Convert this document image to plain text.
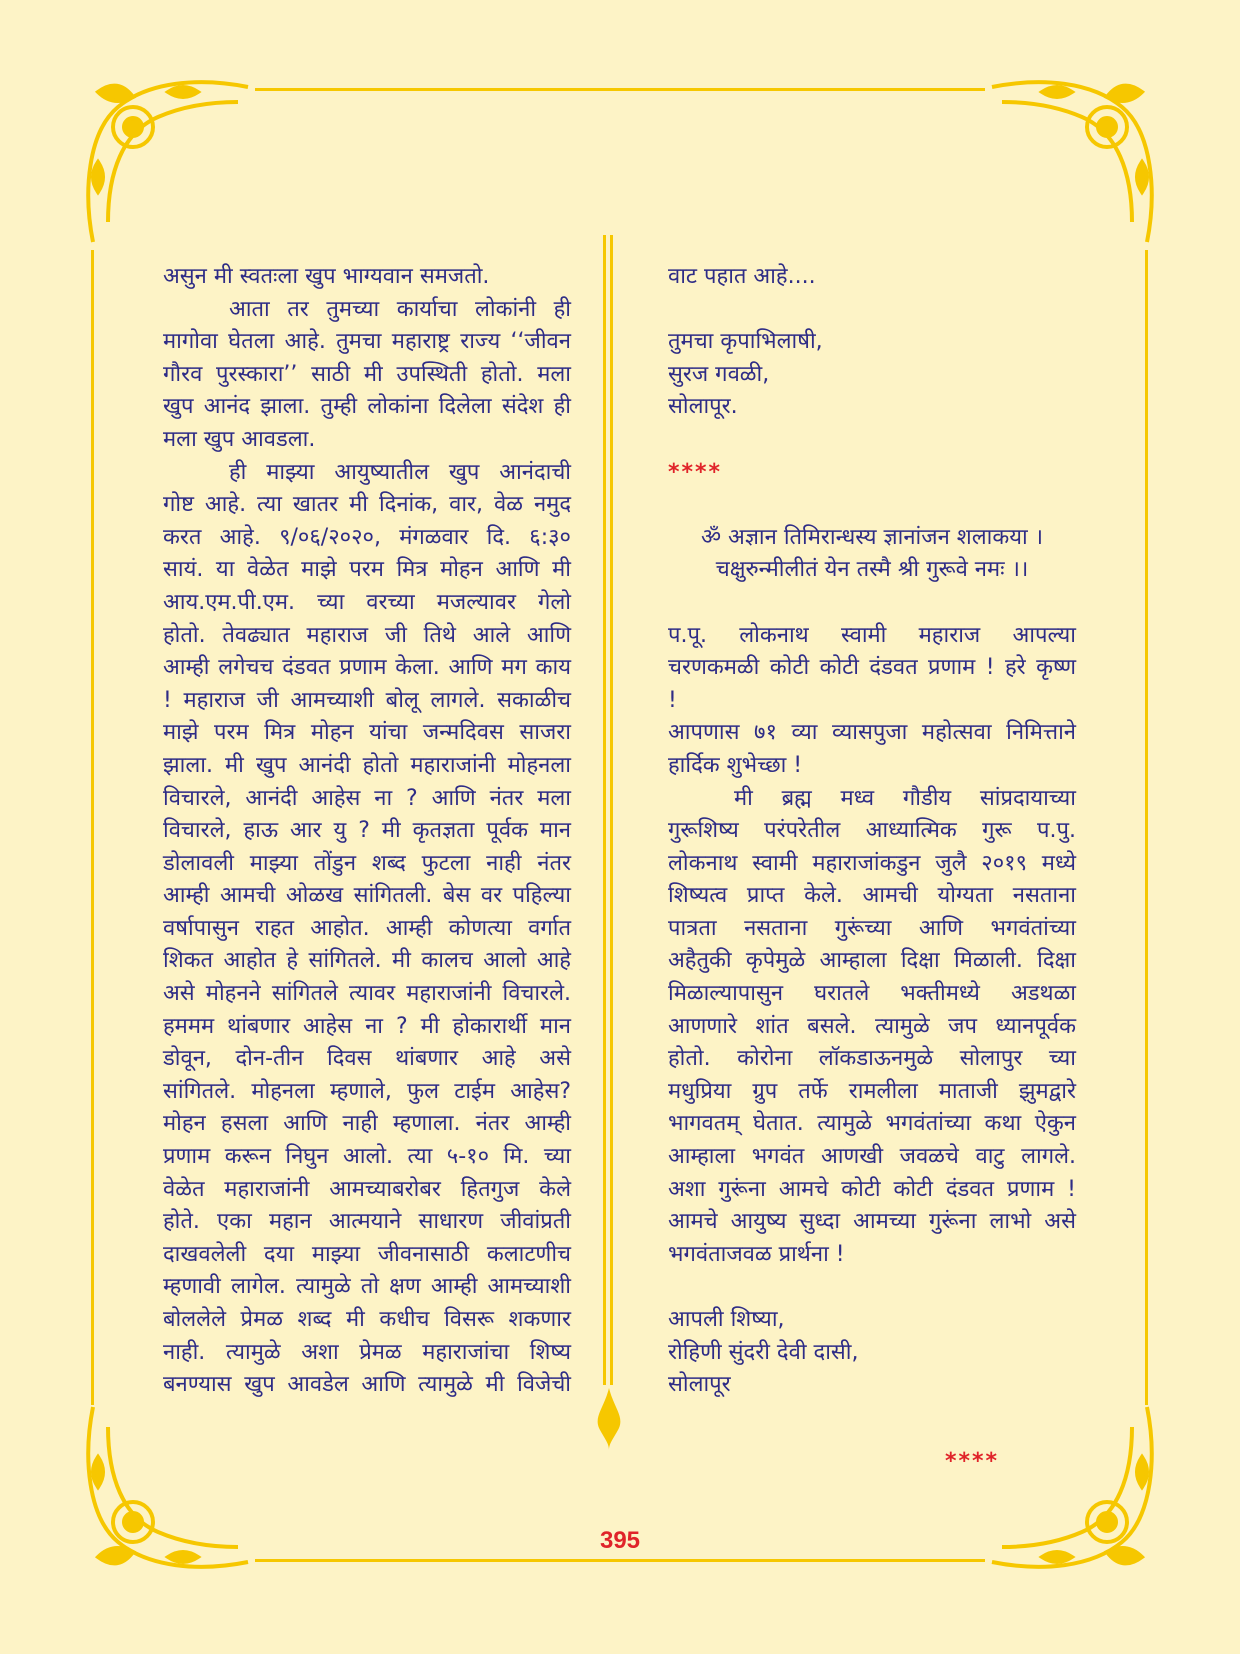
असुन मी स्वतःला खुप भाग्यवान समजतो.
आता तर तुमच्या कार्याचा लोकांनी ही
मागोवा घेतला आहे. तुमचा महाराष्ट्र राज्य ‘‘जीवन
गौरव पुरस्कारा’’ साठी मी उपस्थिती होतो. मला
खुप आनंद झाला. तुम्ही लोकांना दिलेला संदेश ही
मला खुप आवडला.
ही माझ्या आयुष्यातील खुप आनंदाची
गोष्ट आहे. त्या खातर मी दिनांक, वार, वेळ नमुद
करत आहे. ९/०६/२०२०, मंगळवार दि. ६:३०
सायं. या वेळेत माझे परम मित्र मोहन आणि मी
आय.एम.पी.एम. च्या वरच्या मजल्यावर गेलो
होतो. तेवढ्यात महाराज जी तिथे आले आणि
आम्ही लगेचच दंडवत प्रणाम केला. आणि मग काय
! महाराज जी आमच्याशी बोलू लागले. सकाळीच
माझे परम मित्र मोहन यांचा जन्मदिवस साजरा
झाला. मी खुप आनंदी होतो महाराजांनी मोहनला
विचारले, आनंदी आहेस ना ? आणि नंतर मला
विचारले, हाऊ आर यु ? मी कृतज्ञता पूर्वक मान
डोलावली माझ्या तोंडुन शब्द फुटला नाही नंतर
आम्ही आमची ओळख सांगितली. बेस वर पहिल्या
वर्षापासुन राहत आहोत. आम्ही कोणत्या वर्गात
शिकत आहोत हे सांगितले. मी कालच आलो आहे
असे मोहनने सांगितले त्यावर महाराजांनी विचारले.
हममम थांबणार आहेस ना ? मी होकारार्थी मान
डोवून, दोन-तीन दिवस थांबणार आहे असे
सांगितले. मोहनला म्हणाले, फुल टाईम आहेस?
मोहन हसला आणि नाही म्हणाला. नंतर आम्ही
प्रणाम करून निघुन आलो. त्या ५-१० मि. च्या
वेळेत महाराजांनी आमच्याबरोबर हितगुज केले
होते. एका महान आत्मयाने साधारण जीवांप्रती
दाखवलेली दया माझ्या जीवनासाठी कलाटणीच
म्हणावी लागेल. त्यामुळे तो क्षण आम्ही आमच्याशी
बोललेले प्रेमळ शब्द मी कधीच विसरू शकणार
नाही. त्यामुळे अशा प्रेमळ महाराजांचा शिष्य
बनण्यास खुप आवडेल आणि त्यामुळे मी विजेची
वाट पहात आहे....
तुमचा कृपाभिलाषी,
सुरज गवळी,
सोलापूर.
****
ॐ अज्ञान तिमिरान्धस्य ज्ञानांजन शलाकया ।
चक्षुरुन्मीलीतं येन तस्मै श्री गुरूवे नमः ।।
प.पू. लोकनाथ स्वामी महाराज आपल्या
चरणकमळी कोटी कोटी दंडवत प्रणाम ! हरे कृष्ण
!
आपणास ७१ व्या व्यासपुजा महोत्सवा निमित्ताने
हार्दिक शुभेच्छा !
मी ब्रह्म मध्व गौडीय सांप्रदायाच्या
गुरूशिष्य परंपरेतील आध्यात्मिक गुरू प.पु.
लोकनाथ स्वामी महाराजांकडुन जुलै २०१९ मध्ये
शिष्यत्व प्राप्त केले. आमची योग्यता नसताना
पात्रता नसताना गुरूंच्या आणि भगवंतांच्या
अहैतुकी कृपेमुळे आम्हाला दिक्षा मिळाली. दिक्षा
मिळाल्यापासुन घरातले भक्तीमध्ये अडथळा
आणणारे शांत बसले. त्यामुळे जप ध्यानपूर्वक
होतो. कोरोना लॉकडाऊनमुळे सोलापुर च्या
मधुप्रिया ग्रुप तर्फे रामलीला माताजी झुमद्वारे
भागवतम् घेतात. त्यामुळे भगवंतांच्या कथा ऐकुन
आम्हाला भगवंत आणखी जवळचे वाटु लागले.
अशा गुरूंना आमचे कोटी कोटी दंडवत प्रणाम !
आमचे आयुष्य सुध्दा आमच्या गुरूंना लाभो असे
भगवंताजवळ प्रार्थना !
आपली शिष्या,
रोहिणी सुंदरी देवी दासी,
सोलापूर
****
395
